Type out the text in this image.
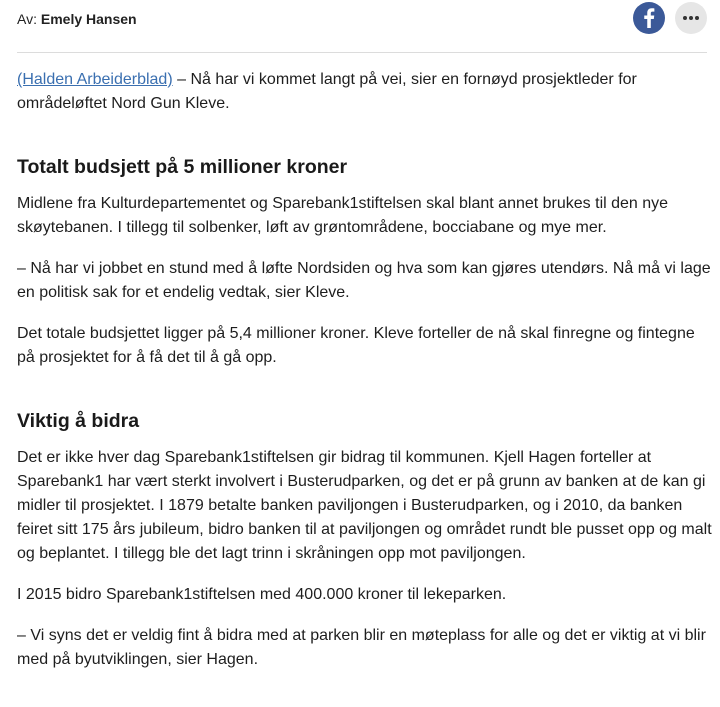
Av: Emely Hansen

(Halden Arbeiderblad) – Nå har vi kommet langt på vei, sier en fornøyd prosjektleder for områdeløftet Nord Gun Kleve.

Totalt budsjett på 5 millioner kroner

Midlene fra Kulturdepartementet og Sparebank1stiftelsen skal blant annet brukes til den nye skøytebanen. I tillegg til solbenker, løft av grøntområdene, bocciabane og mye mer.

– Nå har vi jobbet en stund med å løfte Nordsiden og hva som kan gjøres utendørs. Nå må vi lage en politisk sak for et endelig vedtak, sier Kleve.

Det totale budsjettet ligger på 5,4 millioner kroner. Kleve forteller de nå skal finregne og fintegne på prosjektet for å få det til å gå opp.

Viktig å bidra

Det er ikke hver dag Sparebank1stiftelsen gir bidrag til kommunen. Kjell Hagen forteller at Sparebank1 har vært sterkt involvert i Busterudparken, og det er på grunn av banken at de kan gi midler til prosjektet. I 1879 betalte banken paviljongen i Busterudparken, og i 2010, da banken feiret sitt 175 års jubileum, bidro banken til at paviljongen og området rundt ble pusset opp og malt og beplantet. I tillegg ble det lagt trinn i skråningen opp mot paviljongen.

I 2015 bidro Sparebank1stiftelsen med 400.000 kroner til lekeparken.

– Vi syns det er veldig fint å bidra med at parken blir en møteplass for alle og det er viktig at vi blir med på byutviklingen, sier Hagen.
